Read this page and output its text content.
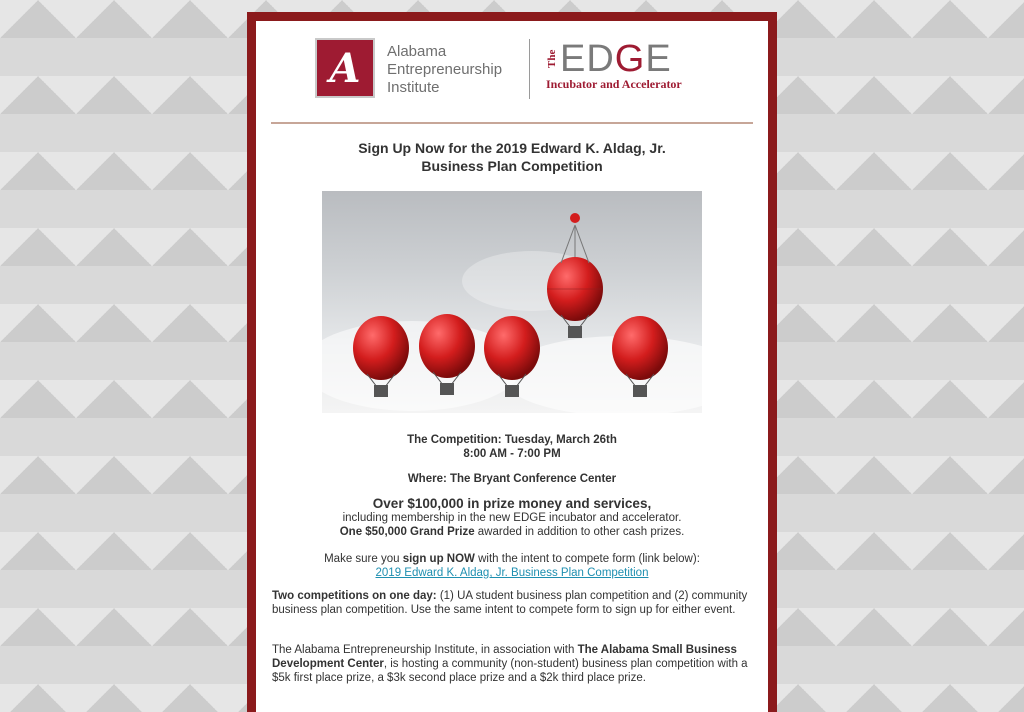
A Alabama
Entrepreneurship
Institute
The EDGE
Incubator and Accelerator
Sign Up Now for the 2019 Edward K. Aldag, Jr.
Business Plan Competition
The Competition: Tuesday, March 26th
8:00 AM - 7:00 PM
Where: The Bryant Conference Center
Over $100,000 in prize money and services,
including membership in the new EDGE incubator and accelerator.
One $50,000 Grand Prize awarded in addition to other cash prizes.
Make sure you sign up NOW with the intent to compete form (link below):
2019 Edward K. Aldag, Jr. Business Plan Competition
Two competitions on one day: (1) UA student business plan competition and (2) community business plan competition. Use the same intent to compete form to sign up for either event.
The Alabama Entrepreneurship Institute, in association with The Alabama Small Business Development Center, is hosting a community (non-student) business plan competition with a $5k first place prize, a $3k second place prize and a $2k third place prize.
